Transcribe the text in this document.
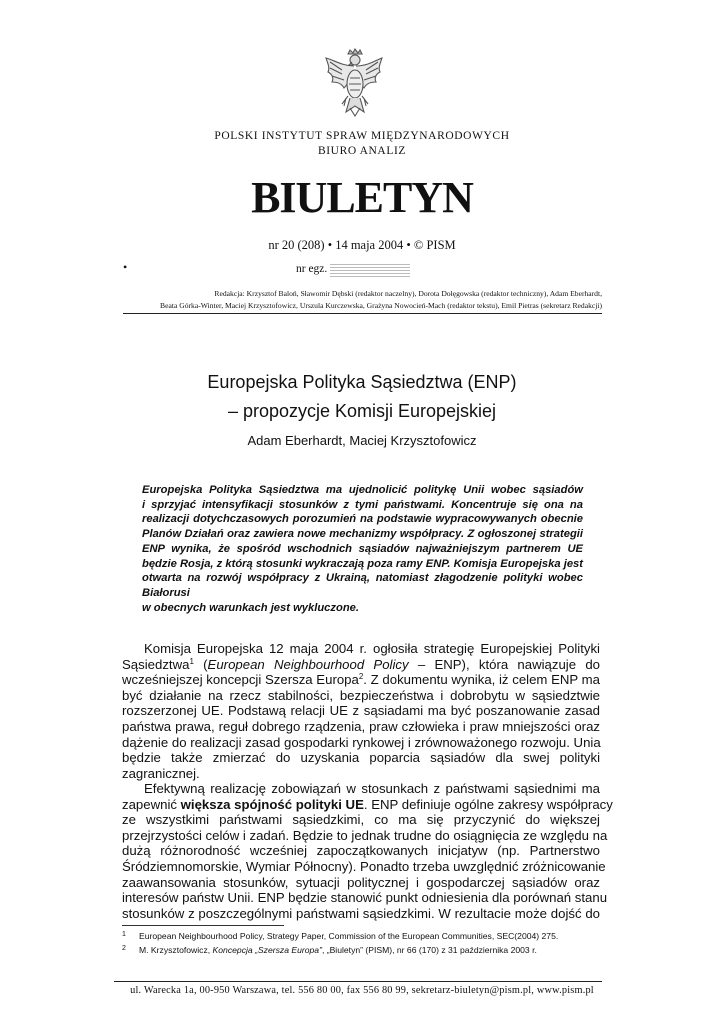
POLSKI INSTYTUT SPRAW MIĘDZYNARODOWYCH
BIURO ANALIZ
BIULETYN
nr 20 (208) • 14 maja 2004 • © PISM
•	nr egz.
Redakcja: Krzysztof Baloń, Sławomir Dębski (redaktor naczelny), Dorota Dołęgowska (redaktor techniczny), Adam Eberhardt,
Beata Górka-Winter, Maciej Krzysztofowicz, Urszula Kurczewska, Grażyna Nowocień-Mach (redaktor tekstu), Emil Pietras (sekretarz Redakcji)
Europejska Polityka Sąsiedztwa (ENP)
– propozycje Komisji Europejskiej
Adam Eberhardt, Maciej Krzysztofowicz
Europejska Polityka Sąsiedztwa ma ujednolicić politykę Unii wobec sąsiadów
i sprzyjać intensyfikacji stosunków z tymi państwami. Koncentruje się ona na
realizacji dotychczasowych porozumień na podstawie wypracowywanych obecnie
Planów Działań oraz zawiera nowe mechanizmy współpracy. Z ogłoszonej strategii
ENP wynika, że spośród wschodnich sąsiadów najważniejszym partnerem UE
będzie Rosja, z którą stosunki wykraczają poza ramy ENP. Komisja Europejska jest
otwarta na rozwój współpracy z Ukrainą, natomiast złagodzenie polityki wobec
Białorusi
w obecnych warunkach jest wykluczone.
Komisja Europejska 12 maja 2004 r. ogłosiła strategię Europejskiej Polityki
Sąsiedztwa$^1$ (European Neighbourhood Policy – ENP), która nawiązuje do
wcześniejszej koncepcji Szersza Europa$^2$. Z dokumentu wynika, iż celem ENP ma
być działanie na rzecz stabilności, bezpieczeństwa i dobrobytu w sąsiedztwie
rozszerzonej UE. Podstawą relacji UE z sąsiadami ma być poszanowanie zasad
państwa prawa, reguł dobrego rządzenia, praw człowieka i praw mniejszości oraz
dążenie do realizacji zasad gospodarki rynkowej i zrównoważonego rozwoju. Unia
będzie także zmierzać do uzyskania poparcia sąsiadów dla swej polityki
zagranicznej.
Efektywną realizację zobowiązań w stosunkach z państwami sąsiednimi ma
zapewnić większa spójność polityki UE. ENP definiuje ogólne zakresy współpracy
ze wszystkimi państwami sąsiedzkimi, co ma się przyczynić do większej
przejrzystości celów i zadań. Będzie to jednak trudne do osiągnięcia ze względu na
dużą różnorodność wcześniej zapoczątkowanych inicjatyw (np. Partnerstwo
Śródziemnomorskie, Wymiar Północny). Ponadto trzeba uwzględnić zróżnicowanie
zaawansowania stosunków, sytuacji politycznej i gospodarczej sąsiadów oraz
interesów państw Unii. ENP będzie stanowić punkt odniesienia dla porównań stanu
stosunków z poszczególnymi państwami sąsiedzkimi. W rezultacie może dojść do
1 European Neighbourhood Policy, Strategy Paper, Commission of the European Communities, SEC(2004) 275.
2 M. Krzysztofowicz, Koncepcja „Szersza Europa”, „Biuletyn” (PISM), nr 66 (170) z 31 października 2003 r.
ul. Warecka 1a, 00-950 Warszawa, tel. 556 80 00, fax 556 80 99, sekretarz-biuletyn@pism.pl, www.pism.pl
